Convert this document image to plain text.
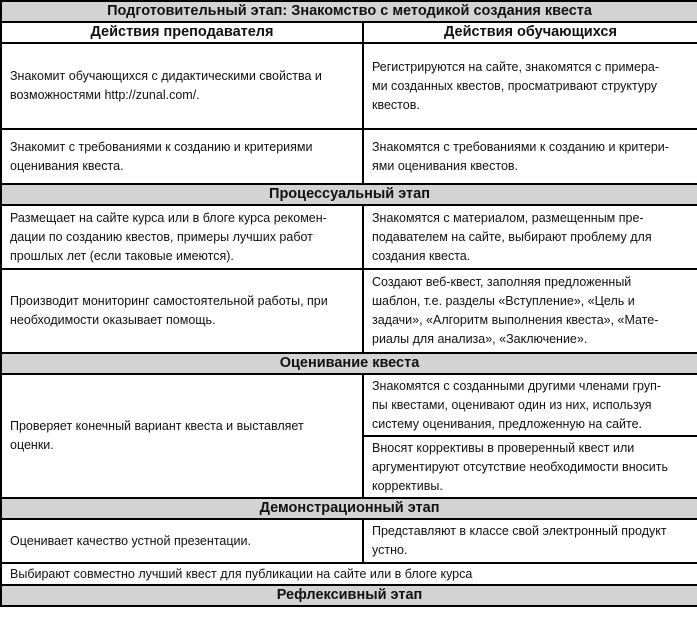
Подготовительный этап: Знакомство с методикой создания квеста	
Действия преподавателя	Действия обучающихся
Знакомит обучающихся с дидактическими свойства и
возможностями http://zunal.com/.	Регистрируются на сайте, знакомятся с примера-
ми созданных квестов, просматривают структуру
квестов.
Знакомит с требованиями к созданию и критериями
оценивания квеста.	Знакомятся с требованиями к созданию и критери-
ями оценивания квестов.
Процессуальный этап	
Размещает на сайте курса или в блоге курса рекомен-
дации по созданию квестов, примеры лучших работ
прошлых лет (если таковые имеются).	Знакомятся с материалом, размещенным пре-
подавателем на сайте, выбирают проблему для
создания квеста.
Производит мониторинг самостоятельной работы, при
необходимости оказывает помощь.	Создают веб-квест, заполняя предложенный
шаблон, т.е. разделы «Вступление», «Цель и
задачи», «Алгоритм выполнения квеста», «Мате-
риалы для анализа», «Заключение».
Оценивание квеста	
Проверяет конечный вариант квеста и выставляет
оценки.	Знакомятся с созданными другими членами груп-
пы квестами, оценивают один из них, используя
систему оценивания, предложенную на сайте.
	Вносят коррективы в проверенный квест или
аргументируют отсутствие необходимости вносить
коррективы.
Демонстрационный этап	
Оценивает качество устной презентации.	Представляют в классе свой электронный продукт
устно.
Выбирают совместно лучший квест для публикации на сайте или в блоге курса	
Рефлексивный этап	
